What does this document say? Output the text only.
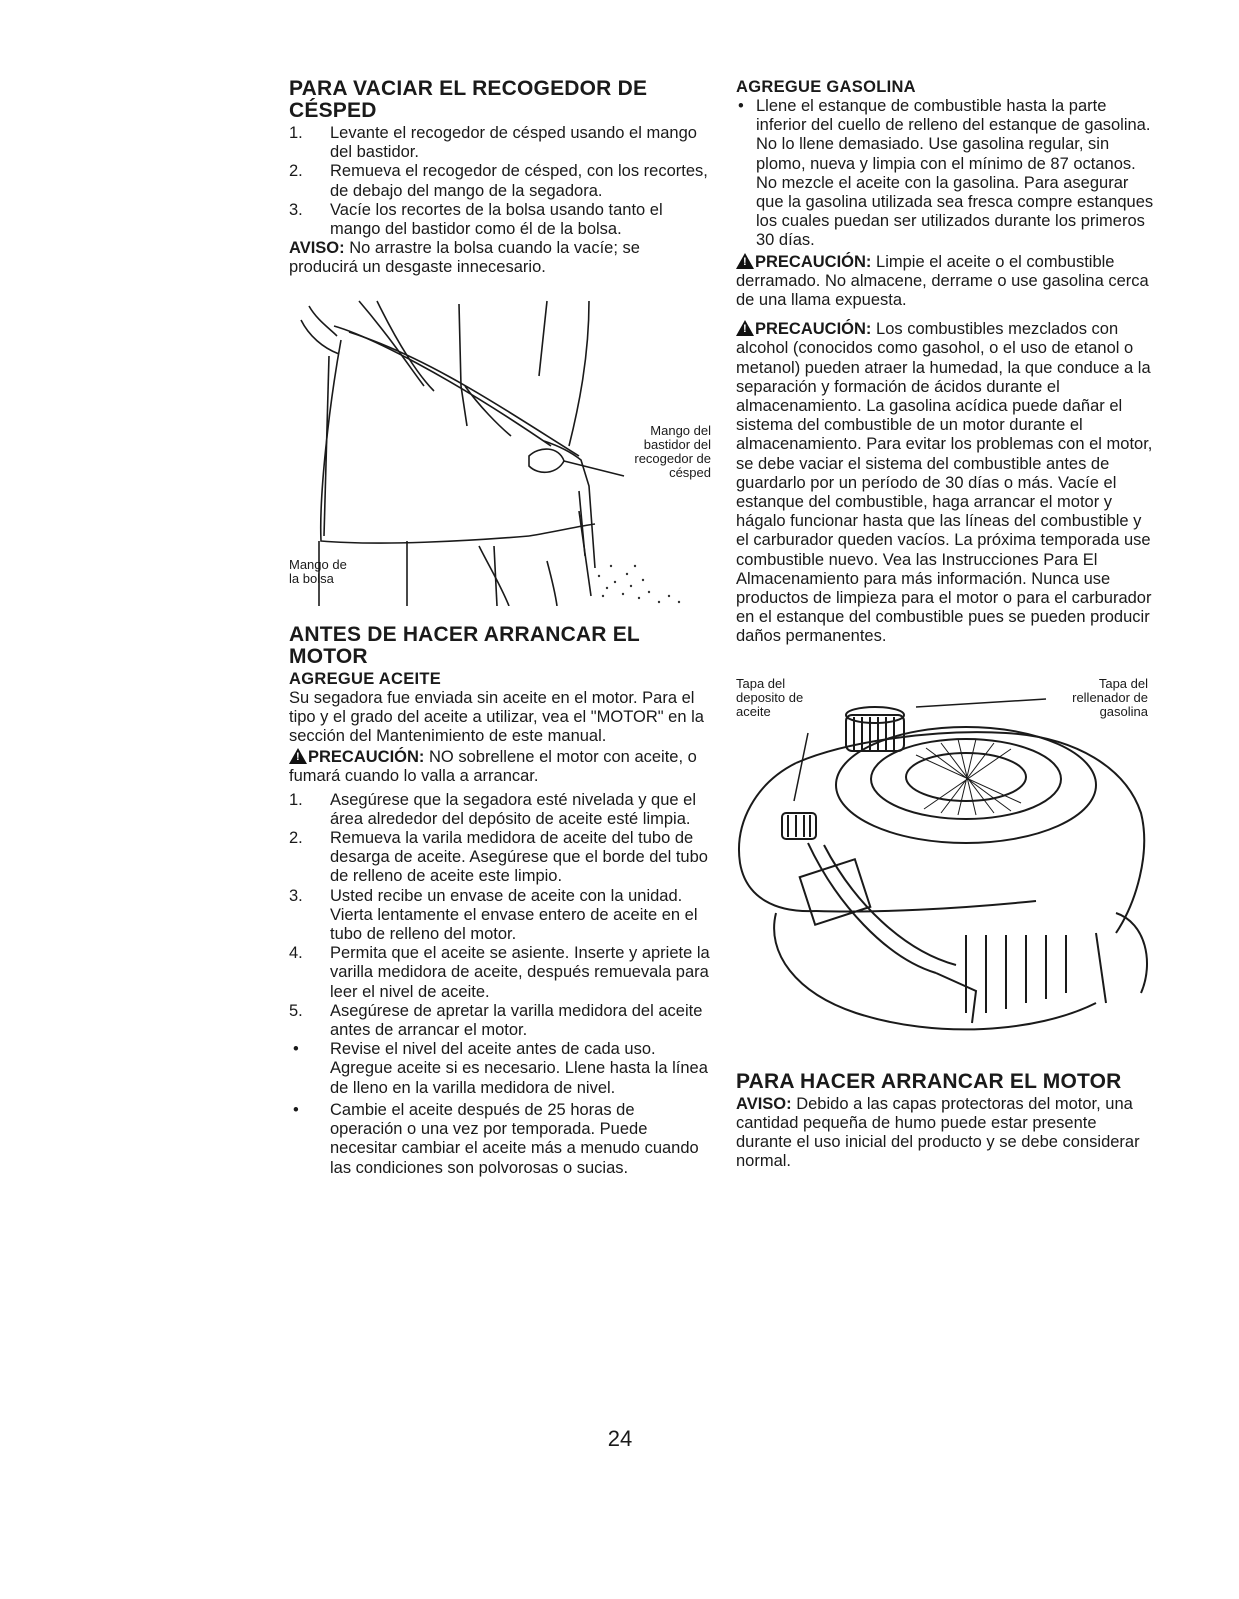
PARA VACIAR EL RECOGEDOR DE CÉSPED
1.	Levante el recogedor de césped usando el mango del bastidor.
2.	Remueva el recogedor de césped, con los recortes, de debajo del mango de la segadora.
3.	Vacíe los recortes de la bolsa usando tanto el mango del bastidor como él de la bolsa.

AVISO: No arrastre la bolsa cuando la vacíe; se producirá un desgaste innecesario.

Mango del bastidor del recogedor de césped
Mango de la bolsa
ANTES DE HACER ARRANCAR EL MOTOR
AGREGUE ACEITE

Su segadora fue enviada sin aceite en el motor. Para el tipo y el grado del aceite a utilizar, vea el "MOTOR" en la sección del Mantenimiento de este manual.

!PRECAUCIÓN: NO sobrellene el motor con aceite, o fumará cuando lo valla a arrancar.

1.	Asegúrese que la segadora esté nivelada y que el área alrededor del depósito de aceite esté limpia.
2.	Remueva la varila medidora de aceite del tubo de desarga de aceite. Asegúrese que el borde del tubo de relleno de aceite este limpio.
3.	Usted recibe un envase de aceite con la unidad. Vierta lentamente el envase entero de aceite en el tubo de relleno del motor.
4.	Permita que el aceite se asiente. Inserte y apriete la varilla medidora de aceite, después remuevala para leer el nivel de aceite.
5.	Asegúrese de apretar la varilla medidora del aceite antes de arrancar el motor.
•	Revise el nivel del aceite antes de cada uso. Agregue aceite si es necesario. Llene hasta la línea de lleno en la varilla medidora de nivel.
•	Cambie el aceite después de 25 horas de operación o una vez por temporada. Puede necesitar cambiar el aceite más a menudo cuando las condiciones son polvorosas o sucias.
AGREGUE GASOLINA
• Llene el estanque de combustible hasta la parte inferior del cuello de relleno del estanque de gasolina. No lo llene demasiado. Use gasolina regular, sin plomo, nueva y limpia con el mínimo de 87 octanos. No mezcle el aceite con la gasolina. Para asegurar que la gasolina utilizada sea fresca compre estanques los cuales puedan ser utilizados durante los primeros 30 días.

!PRECAUCIÓN: Limpie el aceite o el combustible derramado. No almacene, derrame o use gasolina cerca de una llama expuesta.

!PRECAUCIÓN: Los combustibles mezclados con alcohol (conocidos como gasohol, o el uso de etanol o metanol) pueden atraer la humedad, la que conduce a la separación y formación de ácidos durante el almacenamiento. La gasolina acídica puede dañar el sistema del combustible de un motor durante el almacenamiento. Para evitar los problemas con el motor, se debe vaciar el sistema del combustible antes de guardarlo por un período de 30 días o más. Vacíe el estanque del combustible, haga arrancar el motor y hágalo funcionar hasta que las líneas del combustible y el carburador queden vacíos. La próxima temporada use combustible nuevo. Vea las Instrucciones Para El Almacenamiento para más información. Nunca use productos de limpieza para el motor o para el carburador en el estanque del combustible pues se pueden producir daños permanentes.

Tapa del deposito de aceite
Tapa del rellenador de gasolina
PARA HACER ARRANCAR EL MOTOR

AVISO: Debido a las capas protectoras del motor, una cantidad pequeña de humo puede estar presente durante el uso inicial del producto y se debe considerar normal.

24
